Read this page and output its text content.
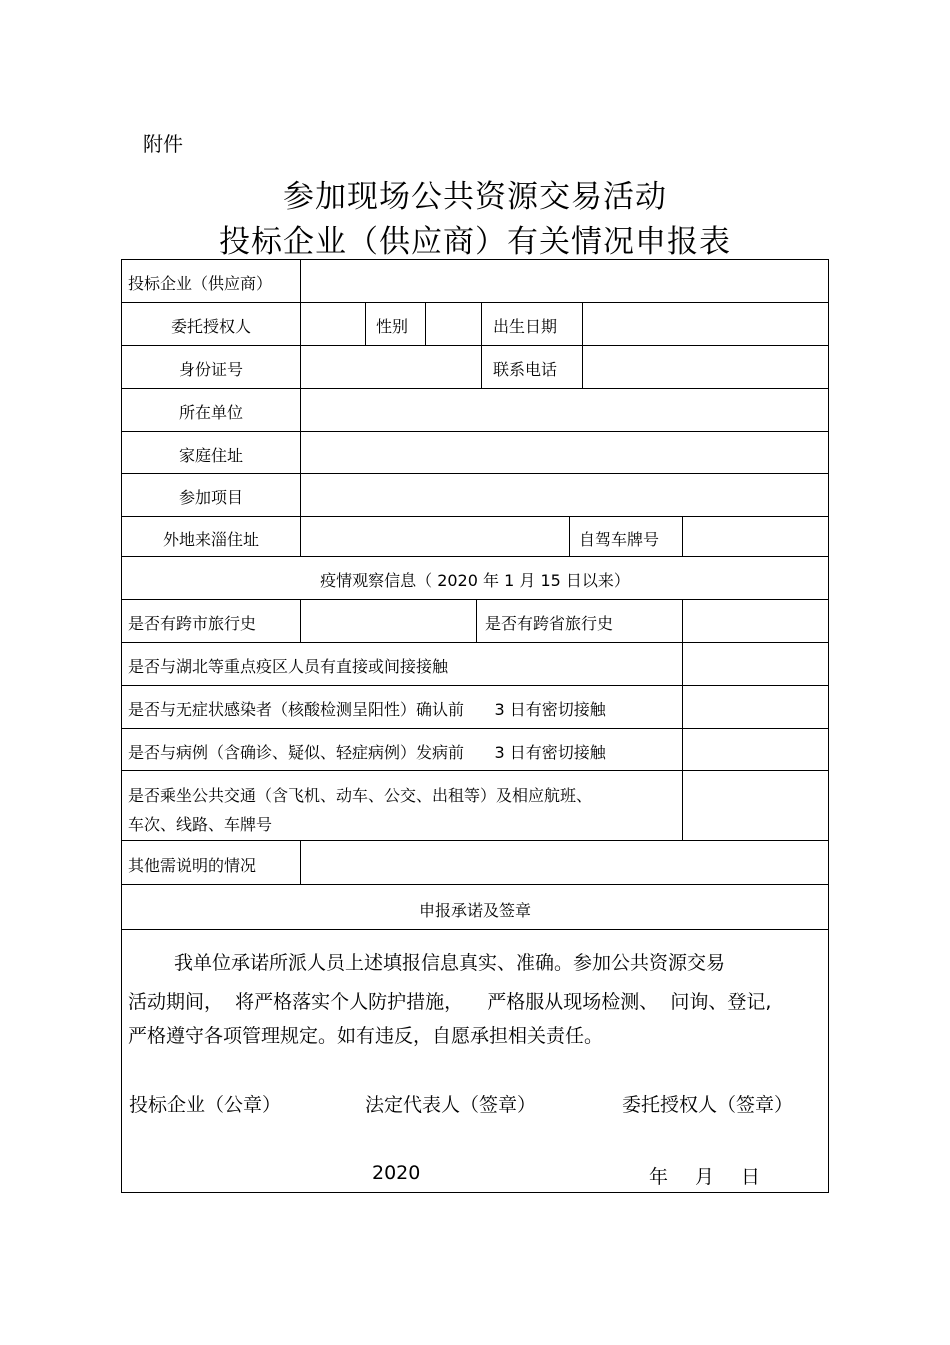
附件
参加现场公共资源交易活动
投标企业（供应商）有关情况申报表
投标企业（供应商）
委托授权人	性别	出生日期
身份证号	联系电话
所在单位
家庭住址
参加项目
外地来淄住址	自驾车牌号
疫情观察信息（ 2020 年 1 月 15 日以来）
是否有跨市旅行史	是否有跨省旅行史
是否与湖北等重点疫区人员有直接或间接接触
是否与无症状感染者（核酸检测呈阳性）确认前      3 日有密切接触
是否与病例（含确诊、疑似、轻症病例）发病前      3 日有密切接触
是否乘坐公共交通（含飞机、动车、公交、出租等）及相应航班、
车次、线路、车牌号
其他需说明的情况
申报承诺及签章
我单位承诺所派人员上述填报信息真实、准确。参加公共资源交易
活动期间，  将严格落实个人防护措施，    严格服从现场检测、  问询、登记,
严格遵守各项管理规定。如有违反，自愿承担相关责任。
投标企业（公章）	法定代表人（签章）	委托授权人（签章）
2020	年 月 日
